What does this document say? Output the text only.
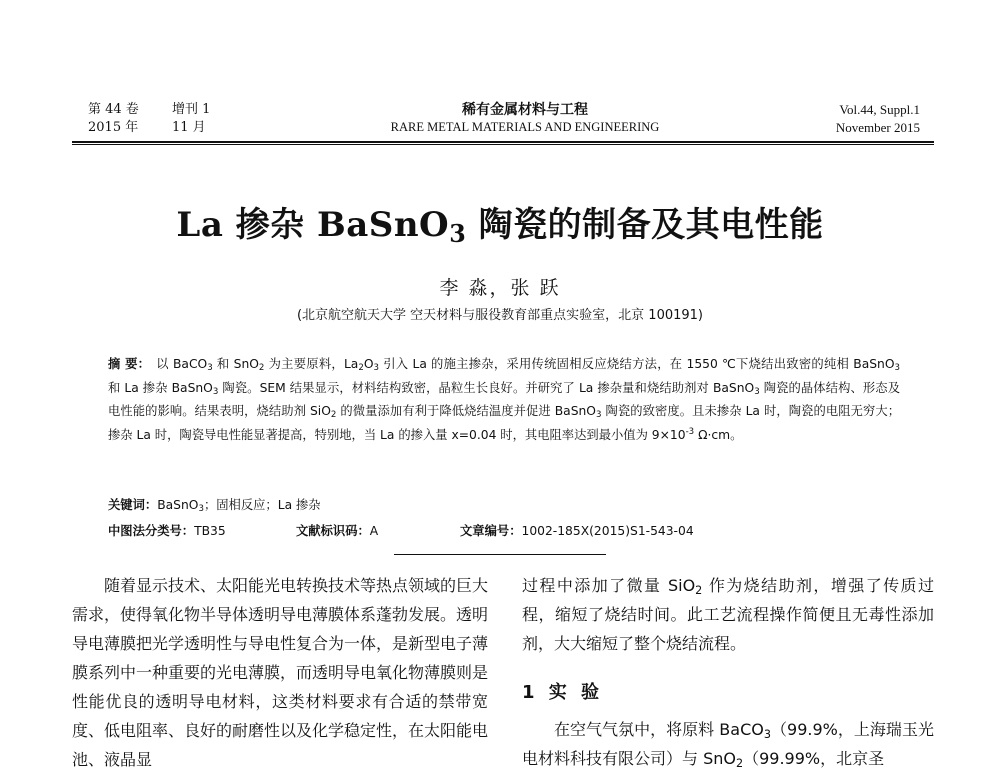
第 44 卷
2015 年
增刊 1
11 月
稀有金属材料与工程
RARE METAL MATERIALS AND ENGINEERING
Vol.44, Suppl.1
November 2015
La 掺杂 BaSnO$_3$ 陶瓷的制备及其电性能
李 淼，张 跃
(北京航空航天大学 空天材料与服役教育部重点实验室，北京 100191)
摘 要： 以 BaCO$_3$ 和 SnO$_2$ 为主要原料，$La_2O_3$ 引入 La 的施主掺杂，采用传统固相反应烧结方法，在 1550 ℃下烧结出致密的纯相 BaSnO$_3$ 和 La 掺杂 BaSnO$_3$ 陶瓷。SEM 结果显示，材料结构致密，晶粒生长良好。并研究了 La 掺杂量和烧结助剂对 BaSnO$_3$ 陶瓷的晶体结构、形态及电性能的影响。结果表明，烧结助剂 SiO$_2$ 的微量添加有利于降低烧结温度并促进 BaSnO$_3$ 陶瓷的致密度。且未掺杂 La 时，陶瓷的电阻无穷大；掺杂 La 时，陶瓷导电性能显著提高，特别地，当 La 的掺入量 x=0.04 时，其电阻率达到最小值为 $9\times 10^{-3}$ Ω·cm。
关键词：BaSnO$_3$；固相反应；La 掺杂
中图法分类号：TB35	文献标识码：A	文章编号：1002-185X(2015)S1-543-04

随着显示技术、太阳能光电转换技术等热点领域的巨大需求，使得氧化物半导体透明导电薄膜体系蓬勃发展。透明导电薄膜把光学透明性与导电性复合为一体，是新型电子薄膜系列中一种重要的光电薄膜，而透明导电氧化物薄膜则是性能优良的透明导电材料，这类材料要求有合适的禁带宽度、低电阻率、良好的耐磨性以及化学稳定性，在太阳能电池、液晶显

过程中添加了微量 SiO$_2$ 作为烧结助剂，增强了传质过程，缩短了烧结时间。此工艺流程操作简便且无毒性添加剂，大大缩短了整个烧结流程。

1 实 验

在空气气氛中，将原料 BaCO$_3$（99.9%，上海瑞玉光电材料科技有限公司）与 SnO$_2$（99.99%，北京圣
